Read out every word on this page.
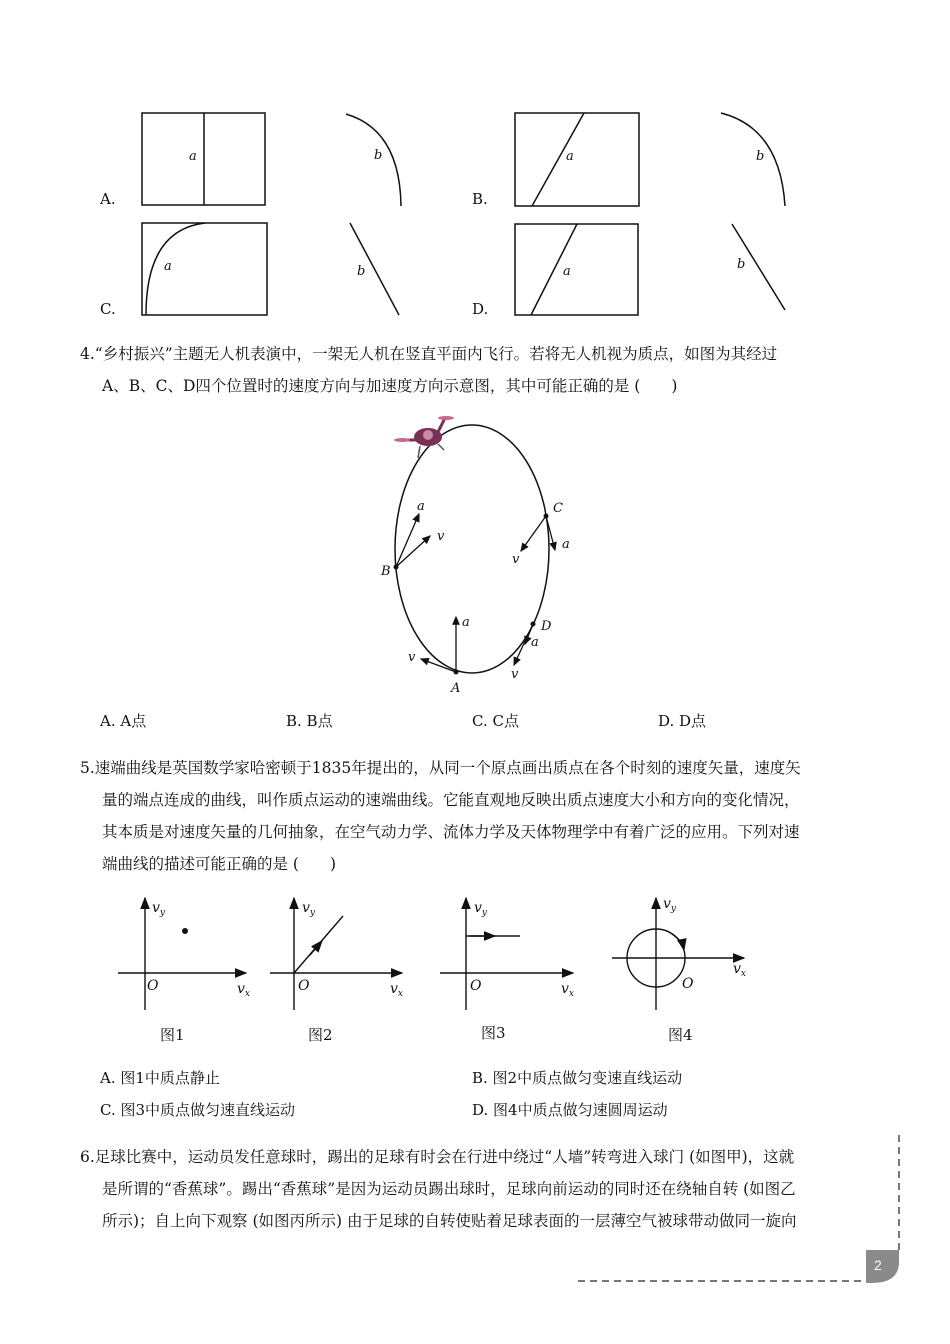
A.	B.
C.	D.
a	b	a	b
a	b	a	b

4.“乡村振兴”主题无人机表演中，一架无人机在竖直平面内飞行。若将无人机视为质点，如图为其经过

A、B、C、D四个位置时的速度方向与加速度方向示意图，其中可能正确的是 (　　)

B
C
A
D
a
v
a
v
a
v
a
v
A. A点	B. B点	C. C点	D. D点

5.速端曲线是英国数学家哈密顿于1835年提出的，从同一个原点画出质点在各个时刻的速度矢量，速度矢

量的端点连成的曲线，叫作质点运动的速端曲线。它能直观地反映出质点速度大小和方向的变化情况，

其本质是对速度矢量的几何抽象，在空气动力学、流体力学及天体物理学中有着广泛的应用。下列对速

端曲线的描述可能正确的是 (　　)

O	$v_x$
$v_y$
O	$v_x$
$v_y$
O	$v_x$
$v_y$
O
$v_x$
$v_y$
图1	图2	图3	图4
A. 图1中质点静止	B. 图2中质点做匀变速直线运动
C. 图3中质点做匀速直线运动	D. 图4中质点做匀速圆周运动

6.足球比赛中，运动员发任意球时，踢出的足球有时会在行进中绕过“人墙”转弯进入球门 (如图甲)，这就

是所谓的“香蕉球”。踢出“香蕉球”是因为运动员踢出球时，足球向前运动的同时还在绕轴自转 (如图乙

所示)；自上向下观察 (如图丙所示) 由于足球的自转使贴着足球表面的一层薄空气被球带动做同一旋向

2
